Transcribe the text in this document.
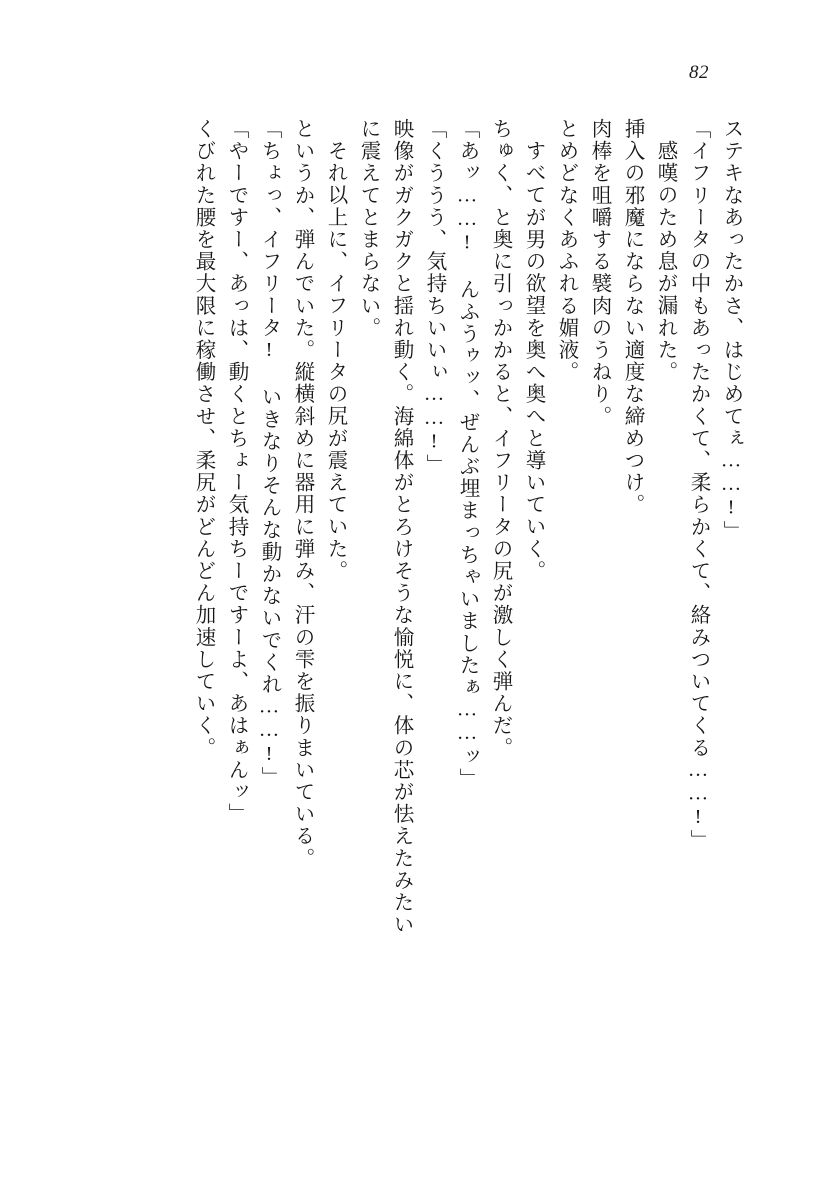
82
ステキなあったかさ、はじめてぇ……!」
「イフリータの中もあったかくて、柔らかくて、絡みついてくる……!」
感嘆のため息が漏れた。
挿入の邪魔にならない適度な締めつけ。
肉棒を咀嚼する襞肉のうねり。
とめどなくあふれる媚液。
すべてが男の欲望を奥へ奥へと導いていく。
ちゅく、と奥に引っかかると、イフリータの尻が激しく弾んだ。
「あッ……! んふうゥッ、ぜんぶ埋まっちゃいましたぁ……ッ」
「くううう、気持ちいいぃ……!」
映像がガクガクと揺れ動く。海綿体がとろけそうな愉悦に、体の芯が怯えたみたい
に震えてとまらない。
それ以上に、イフリータの尻が震えていた。
というか、弾んでいた。縦横斜めに器用に弾み、汗の雫を振りまいている。
「ちょっ、イフリータ! いきなりそんな動かないでくれ……!」
「やーですー、あっは、動くとちょー気持ちーですーよ、あはぁんッ」
くびれた腰を最大限に稼働させ、柔尻がどんどん加速していく。
